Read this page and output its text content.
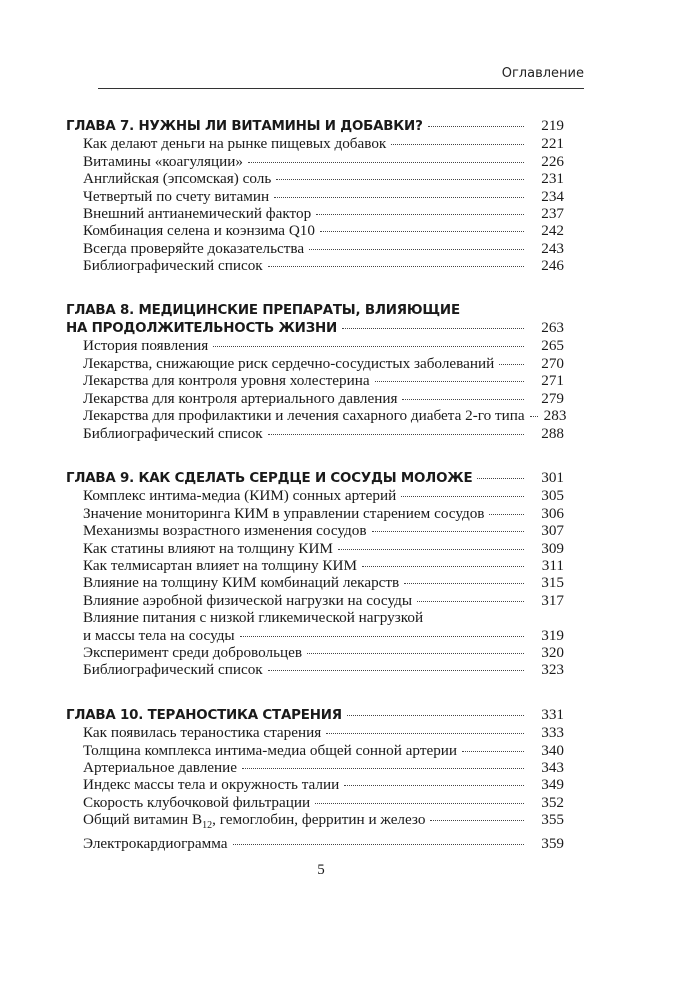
Оглавление
ГЛАВА 7. НУЖНЫ ЛИ ВИТАМИНЫ И ДОБАВКИ?	219
Как делают деньги на рынке пищевых добавок	221
Витамины «коагуляции»	226
Английская (эпсомская) соль	231
Четвертый по счету витамин	234
Внешний антианемический фактор	237
Комбинация селена и коэнзима Q10	242
Всегда проверяйте доказательства	243
Библиографический список	246
ГЛАВА 8. МЕДИЦИНСКИЕ ПРЕПАРАТЫ, ВЛИЯЮЩИЕ
НА ПРОДОЛЖИТЕЛЬНОСТЬ ЖИЗНИ	263
История появления	265
Лекарства, снижающие риск сердечно-сосудистых заболеваний	270
Лекарства для контроля уровня холестерина	271
Лекарства для контроля артериального давления	279
Лекарства для профилактики и лечения сахарного диабета 2-го типа 283
Библиографический список	288
ГЛАВА 9. КАК СДЕЛАТЬ СЕРДЦЕ И СОСУДЫ МОЛОЖЕ	301
Комплекс интима-медиа (КИМ) сонных артерий	305
Значение мониторинга КИМ в управлении старением сосудов	306
Механизмы возрастного изменения сосудов	307
Как статины влияют на толщину КИМ	309
Как телмисартан влияет на толщину КИМ	311
Влияние на толщину КИМ комбинаций лекарств	315
Влияние аэробной физической нагрузки на сосуды	317
Влияние питания с низкой гликемической нагрузкой
и массы тела на сосуды	319
Эксперимент среди добровольцев	320
Библиографический список	323
ГЛАВА 10. ТЕРАНОСТИКА СТАРЕНИЯ	331
Как появилась тераностика старения	333
Толщина комплекса интима-медиа общей сонной артерии	340
Артериальное давление	343
Индекс массы тела и окружность талии	349
Скорость клубочковой фильтрации	352
Общий витамин $B_{12}$, гемоглобин, ферритин и железо	355
Электрокардиограмма	359
5
